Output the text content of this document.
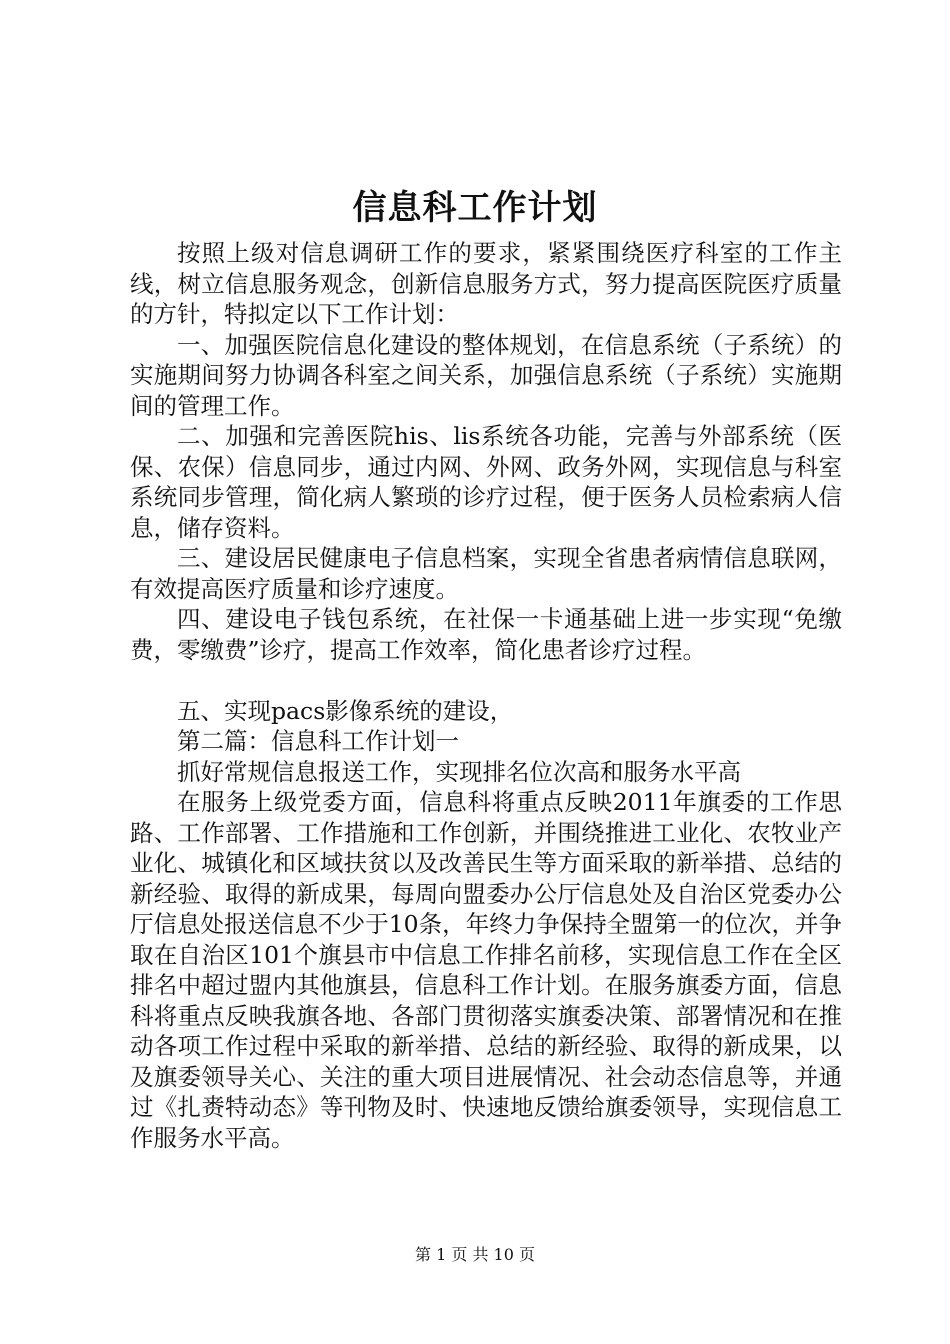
信息科工作计划

按照上级对信息调研工作的要求，紧紧围绕医疗科室的工作主线，树立信息服务观念，创新信息服务方式，努力提高医院医疗质量的方针，特拟定以下工作计划：

一、加强医院信息化建设的整体规划，在信息系统（子系统）的实施期间努力协调各科室之间关系，加强信息系统（子系统）实施期间的管理工作。

二、加强和完善医院his、lis系统各功能，完善与外部系统（医保、农保）信息同步，通过内网、外网、政务外网，实现信息与科室系统同步管理，简化病人繁琐的诊疗过程，便于医务人员检索病人信息，储存资料。

三、建设居民健康电子信息档案，实现全省患者病情信息联网，有效提高医疗质量和诊疗速度。

四、建设电子钱包系统，在社保一卡通基础上进一步实现“免缴费，零缴费”诊疗，提高工作效率，简化患者诊疗过程。

五、实现pacs影像系统的建设，

第二篇：信息科工作计划一

抓好常规信息报送工作，实现排名位次高和服务水平高

在服务上级党委方面，信息科将重点反映2011年旗委的工作思路、工作部署、工作措施和工作创新，并围绕推进工业化、农牧业产业化、城镇化和区域扶贫以及改善民生等方面采取的新举措、总结的新经验、取得的新成果，每周向盟委办公厅信息处及自治区党委办公厅信息处报送信息不少于10条，年终力争保持全盟第一的位次，并争取在自治区101个旗县市中信息工作排名前移，实现信息工作在全区排名中超过盟内其他旗县，信息科工作计划。在服务旗委方面，信息科将重点反映我旗各地、各部门贯彻落实旗委决策、部署情况和在推动各项工作过程中采取的新举措、总结的新经验、取得的新成果，以及旗委领导关心、关注的重大项目进展情况、社会动态信息等，并通过《扎赉特动态》等刊物及时、快速地反馈给旗委领导，实现信息工作服务水平高。

第 1 页 共 10 页
